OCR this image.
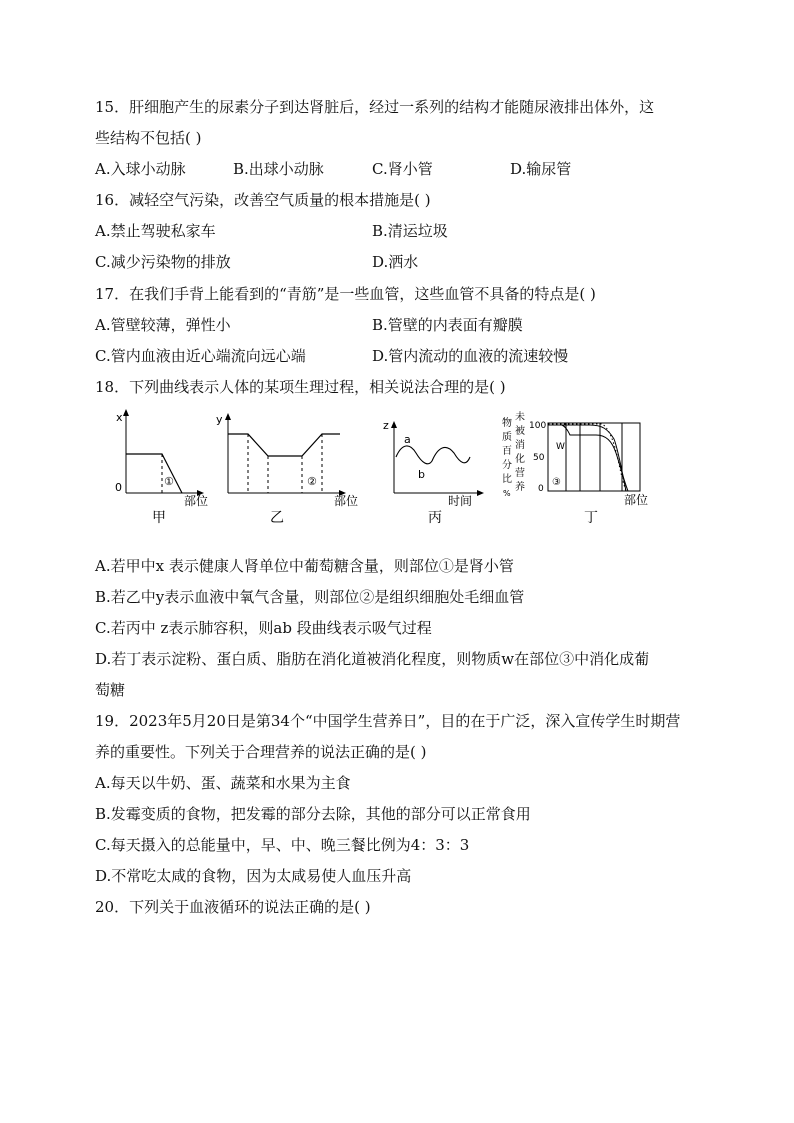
15．肝细胞产生的尿素分子到达肾脏后，经过一系列的结构才能随尿液排出体外，这
些结构不包括( )
A.入球小动脉	B.出球小动脉	C.肾小管	D.输尿管
16．减轻空气污染，改善空气质量的根本措施是( )
A.禁止驾驶私家车	B.清运垃圾
C.减少污染物的排放	D.洒水
17．在我们手背上能看到的“青筋”是一些血管，这些血管不具备的特点是( )
A.管壁较薄，弹性小	B.管壁的内表面有瓣膜
C.管内血液由近心端流向远心端	D.管内流动的血液的流速较慢
18．下列曲线表示人体的某项生理过程，相关说法合理的是( )
x
0	①
部位
甲
y
②
部位
乙
z
a
b
时间
丙
物
质
百
分
比
%
未
被
消
化
营
养
100
50
0
W
③
部位
丁
A.若甲中x 表示健康人肾单位中葡萄糖含量，则部位①是肾小管
B.若乙中y表示血液中氧气含量，则部位②是组织细胞处毛细血管
C.若丙中 z表示肺容积，则ab 段曲线表示吸气过程
D.若丁表示淀粉、蛋白质、脂肪在消化道被消化程度，则物质w在部位③中消化成葡
萄糖
19．2023年5月20日是第34个“中国学生营养日”，目的在于广泛，深入宣传学生时期营
养的重要性。下列关于合理营养的说法正确的是( )
A.每天以牛奶、蛋、蔬菜和水果为主食
B.发霉变质的食物，把发霉的部分去除，其他的部分可以正常食用
C.每天摄入的总能量中，早、中、晚三餐比例为4：3：3
D.不常吃太咸的食物，因为太咸易使人血压升高
20．下列关于血液循环的说法正确的是( )
